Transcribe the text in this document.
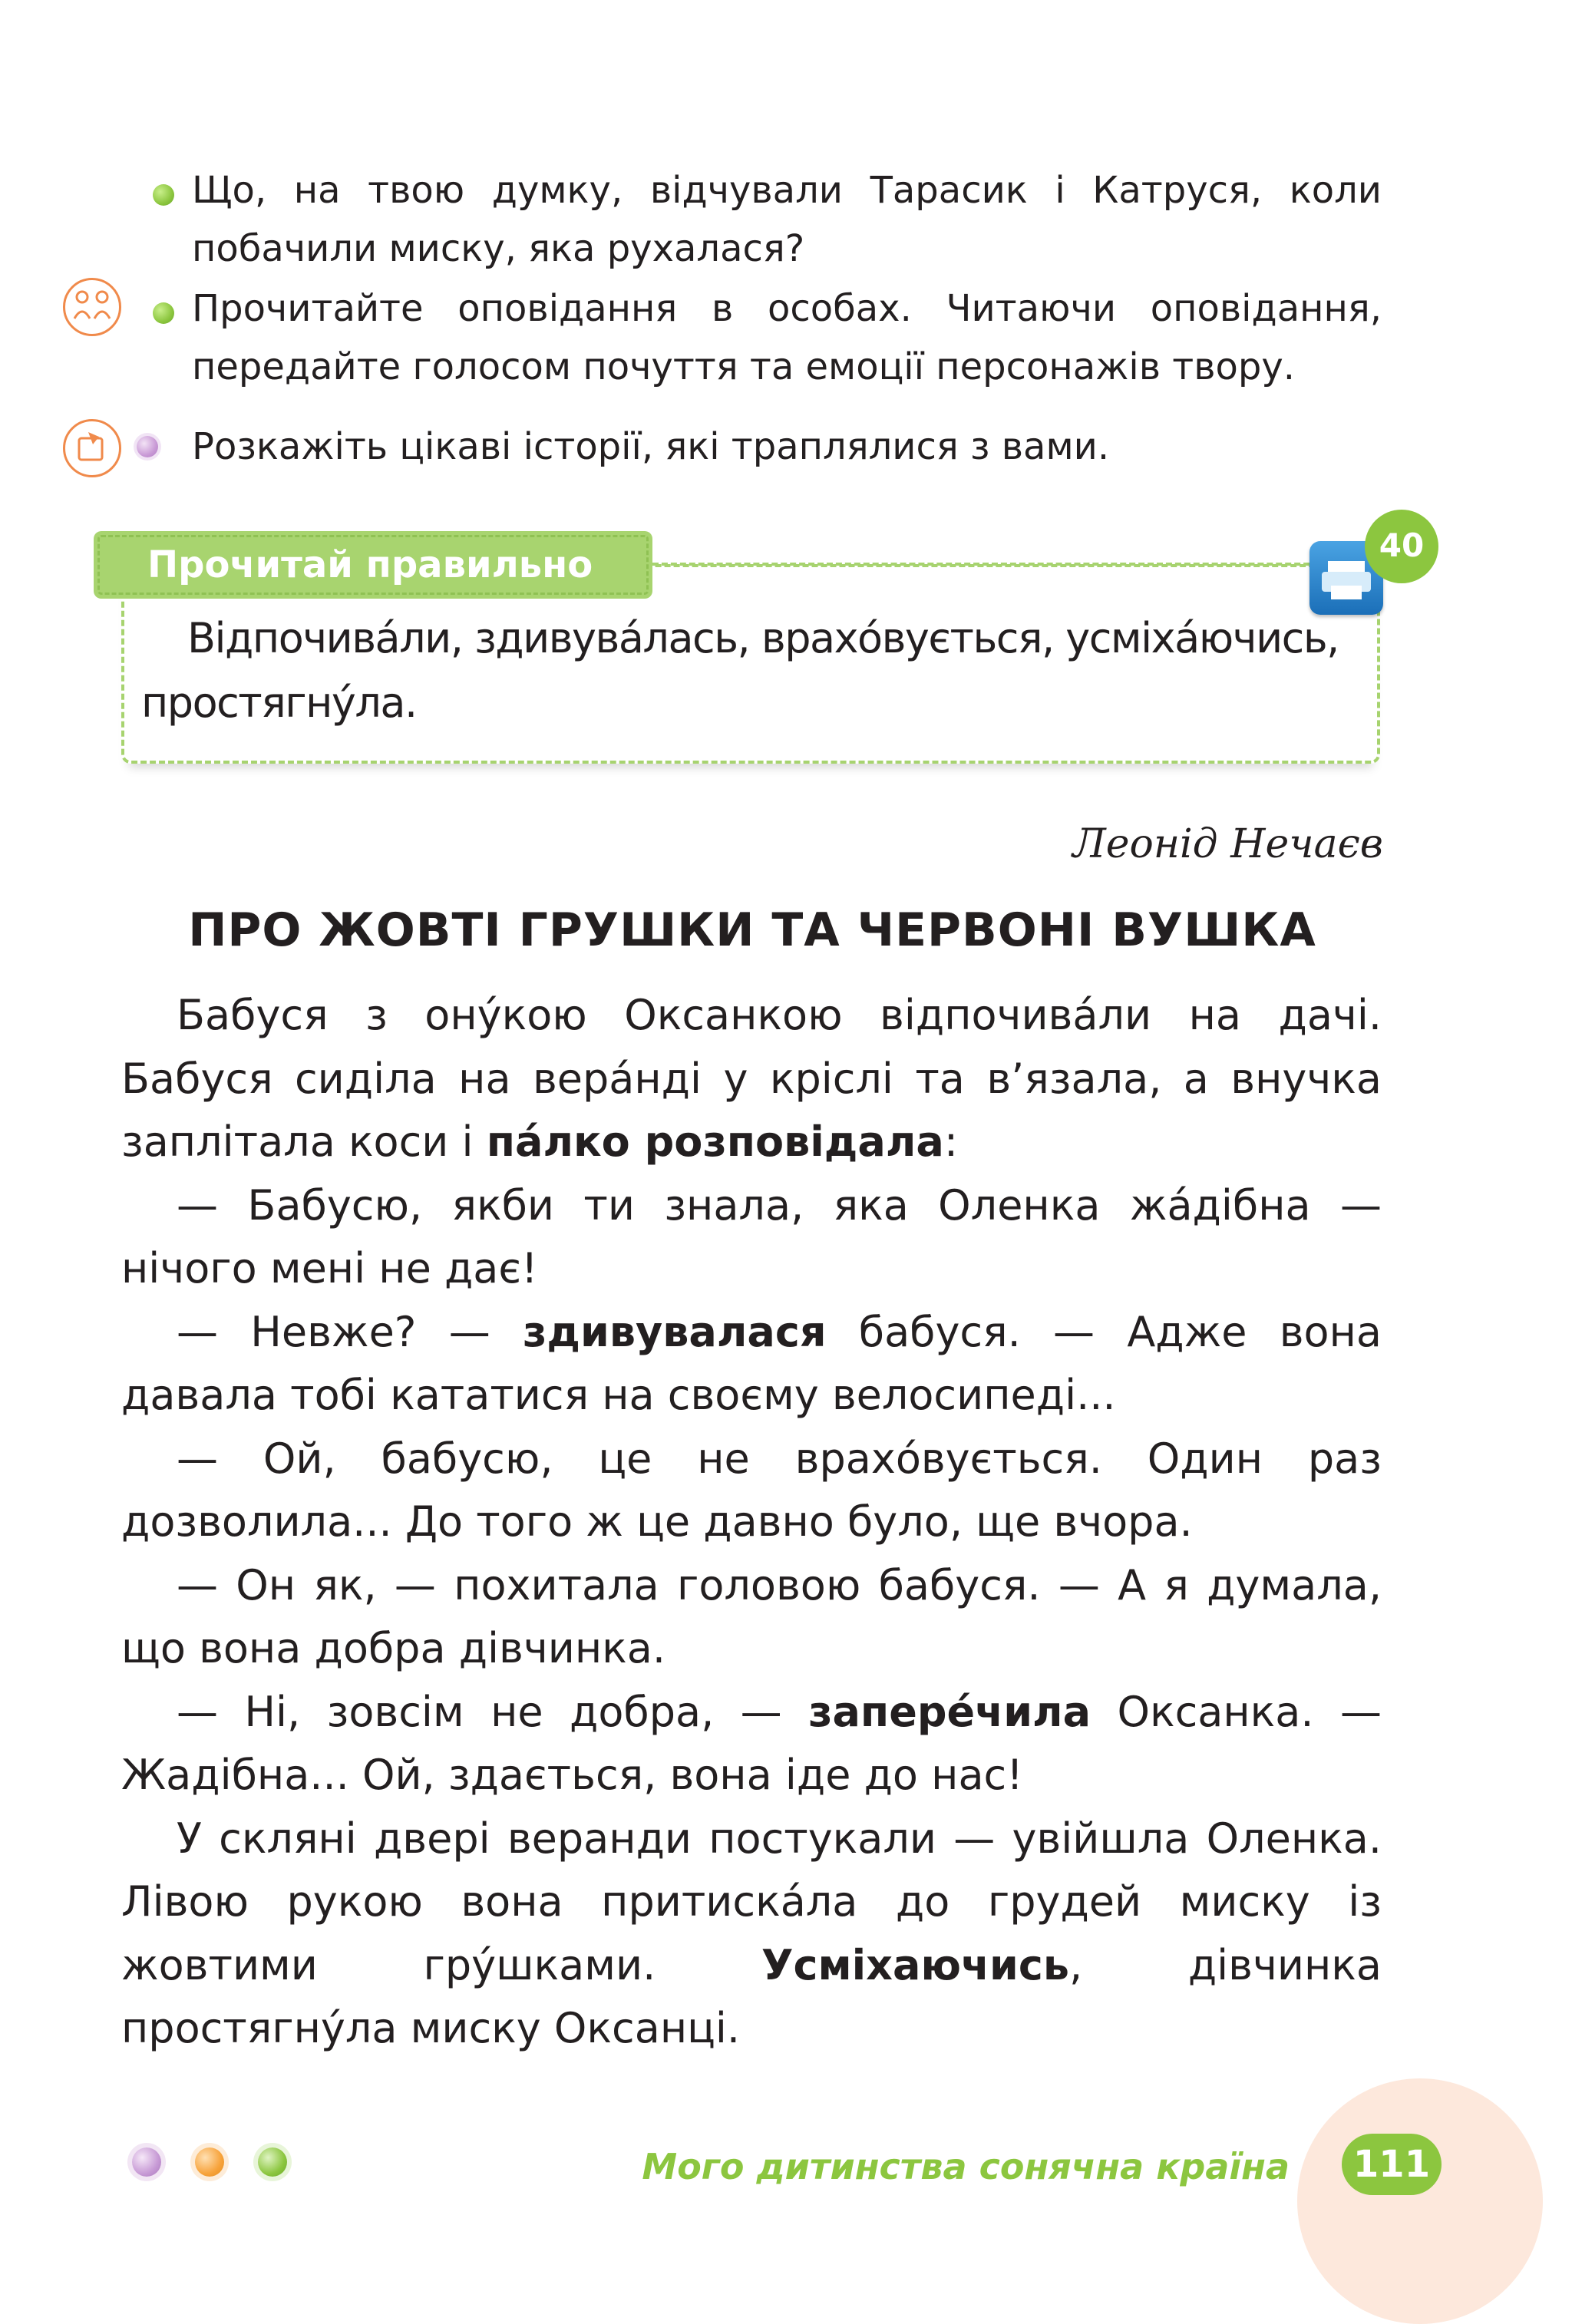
Що, на твою думку, відчували Тарасик і Катруся, коли побачили миску, яка рухалася?
Прочитайте оповідання в особах. Читаючи оповідання, передайте голосом почуття та емоції персонажів твору.
Розкажіть цікаві історії, які траплялися з вами.
Прочитай правильно	40
Відпочива́ли, здивува́лась, врахо́вується, усміха́ючись, простягну́ла.
Леонід Нечаєв
ПРО ЖОВТІ ГРУШКИ ТА ЧЕРВОНІ ВУШКА

Бабуся з ону́кою Оксанкою відпочива́ли на дачі. Бабуся сиділа на вера́нді у кріслі та в’язала, а внучка заплітала коси і па́лко розповідала:

— Бабусю, якби ти знала, яка Оленка жа́дібна — нічого мені не дає!

— Невже? — здивувалася бабуся. — Адже вона давала тобі кататися на своєму велосипеді...

— Ой, бабусю, це не врахо́вується. Один раз дозволила... До того ж це давно було, ще вчора.

— Он як, — похитала головою бабуся. — А я думала, що вона добра дівчинка.

— Ні, зовсім не добра, — запере́чила Оксанка. — Жадібна... Ой, здається, вона іде до нас!

У скляні двері веранди постукали — увійшла Оленка. Лівою рукою вона притиска́ла до грудей миску із жовтими гру́шками. Усміхаючись, дівчинка простягну́ла миску Оксанці.

Мого дитинства сонячна країна	111
